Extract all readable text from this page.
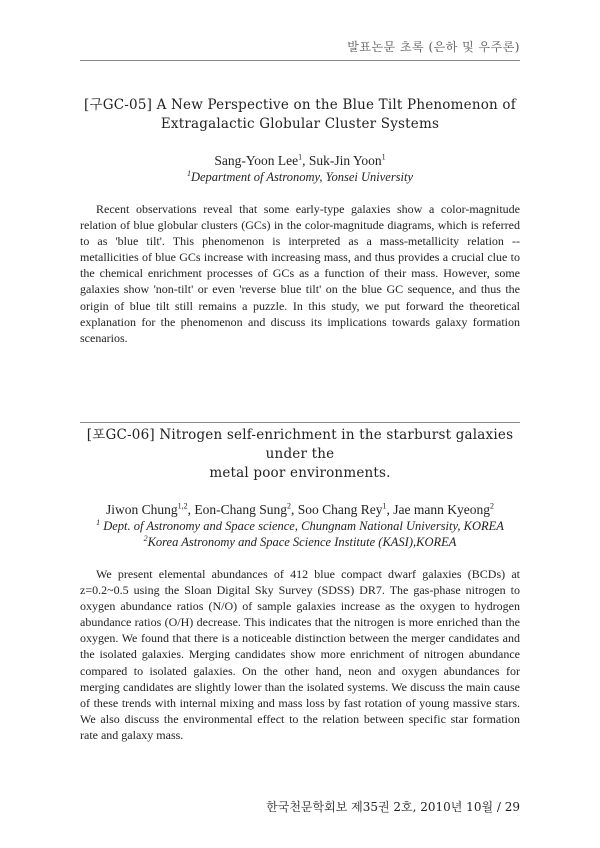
발표논문 초록 (은하 및 우주론)
[구GC-05] A New Perspective on the Blue Tilt Phenomenon of
Extragalactic Globular Cluster Systems
Sang-Yoon Lee$^1$, Suk-Jin Yoon$^1$
$^1$Department of Astronomy, Yonsei University
Recent observations reveal that some early-type galaxies show a color-magnitude relation of blue globular clusters (GCs) in the color-magnitude diagrams, which is referred to as 'blue tilt'. This phenomenon is interpreted as a mass-metallicity relation -- metallicities of blue GCs increase with increasing mass, and thus provides a crucial clue to the chemical enrichment processes of GCs as a function of their mass. However, some galaxies show 'non-tilt' or even 'reverse blue tilt' on the blue GC sequence, and thus the origin of blue tilt still remains a puzzle. In this study, we put forward the theoretical explanation for the phenomenon and discuss its implications towards galaxy formation scenarios.
[포GC-06] Nitrogen self-enrichment in the starburst galaxies under the
metal poor environments.
Jiwon Chung$^{1,2}$, Eon-Chang Sung$^2$, Soo Chang Rey$^1$, Jae mann Kyeong$^2$
$^1$ Dept. of Astronomy and Space science, Chungnam National University, KOREA
$^2$Korea Astronomy and Space Science Institute (KASI),KOREA
We present elemental abundances of 412 blue compact dwarf galaxies (BCDs) at z=0.2~0.5 using the Sloan Digital Sky Survey (SDSS) DR7. The gas-phase nitrogen to oxygen abundance ratios (N/O) of sample galaxies increase as the oxygen to hydrogen abundance ratios (O/H) decrease. This indicates that the nitrogen is more enriched than the oxygen. We found that there is a noticeable distinction between the merger candidates and the isolated galaxies. Merging candidates show more enrichment of nitrogen abundance compared to isolated galaxies. On the other hand, neon and oxygen abundances for merging candidates are slightly lower than the isolated systems. We discuss the main cause of these trends with internal mixing and mass loss by fast rotation of young massive stars. We also discuss the environmental effect to the relation between specific star formation rate and galaxy mass.
한국천문학회보 제35권 2호, 2010년 10월 / 29
